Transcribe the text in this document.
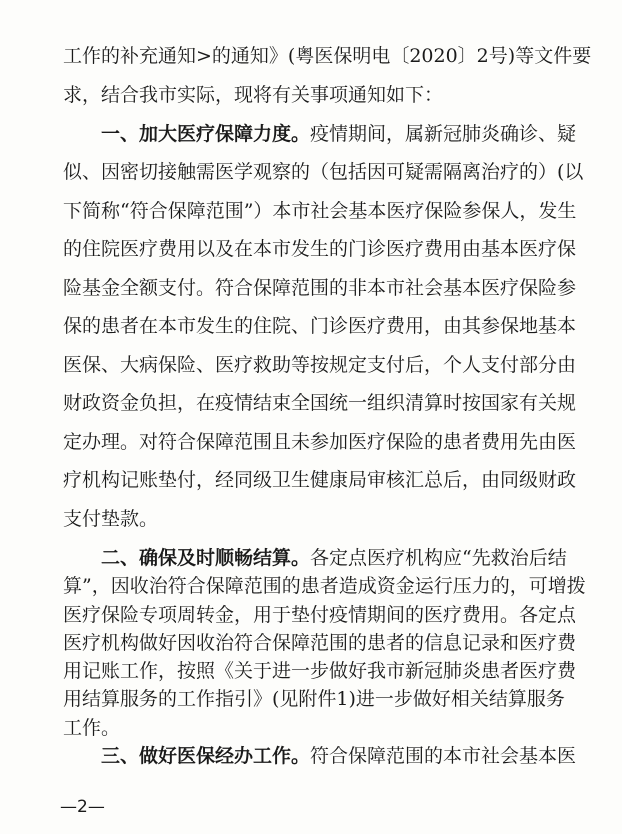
工作的补充通知>的通知》(粤医保明电〔2020〕2号)等文件要
求，结合我市实际，现将有关事项通知如下：
一、加大医疗保障力度。疫情期间，属新冠肺炎确诊、疑
似、因密切接触需医学观察的（包括因可疑需隔离治疗的）(以
下简称“符合保障范围”）本市社会基本医疗保险参保人，发生
的住院医疗费用以及在本市发生的门诊医疗费用由基本医疗保
险基金全额支付。符合保障范围的非本市社会基本医疗保险参
保的患者在本市发生的住院、门诊医疗费用，由其参保地基本
医保、大病保险、医疗救助等按规定支付后，个人支付部分由
财政资金负担，在疫情结束全国统一组织清算时按国家有关规
定办理。对符合保障范围且未参加医疗保险的患者费用先由医
疗机构记账垫付，经同级卫生健康局审核汇总后，由同级财政
支付垫款。
二、确保及时顺畅结算。各定点医疗机构应“先救治后结
算”，因收治符合保障范围的患者造成资金运行压力的，可增拨
医疗保险专项周转金，用于垫付疫情期间的医疗费用。各定点
医疗机构做好因收治符合保障范围的患者的信息记录和医疗费
用记账工作，按照《关于进一步做好我市新冠肺炎患者医疗费
用结算服务的工作指引》(见附件1)进一步做好相关结算服务
工作。
三、做好医保经办工作。符合保障范围的本市社会基本医
—2—
